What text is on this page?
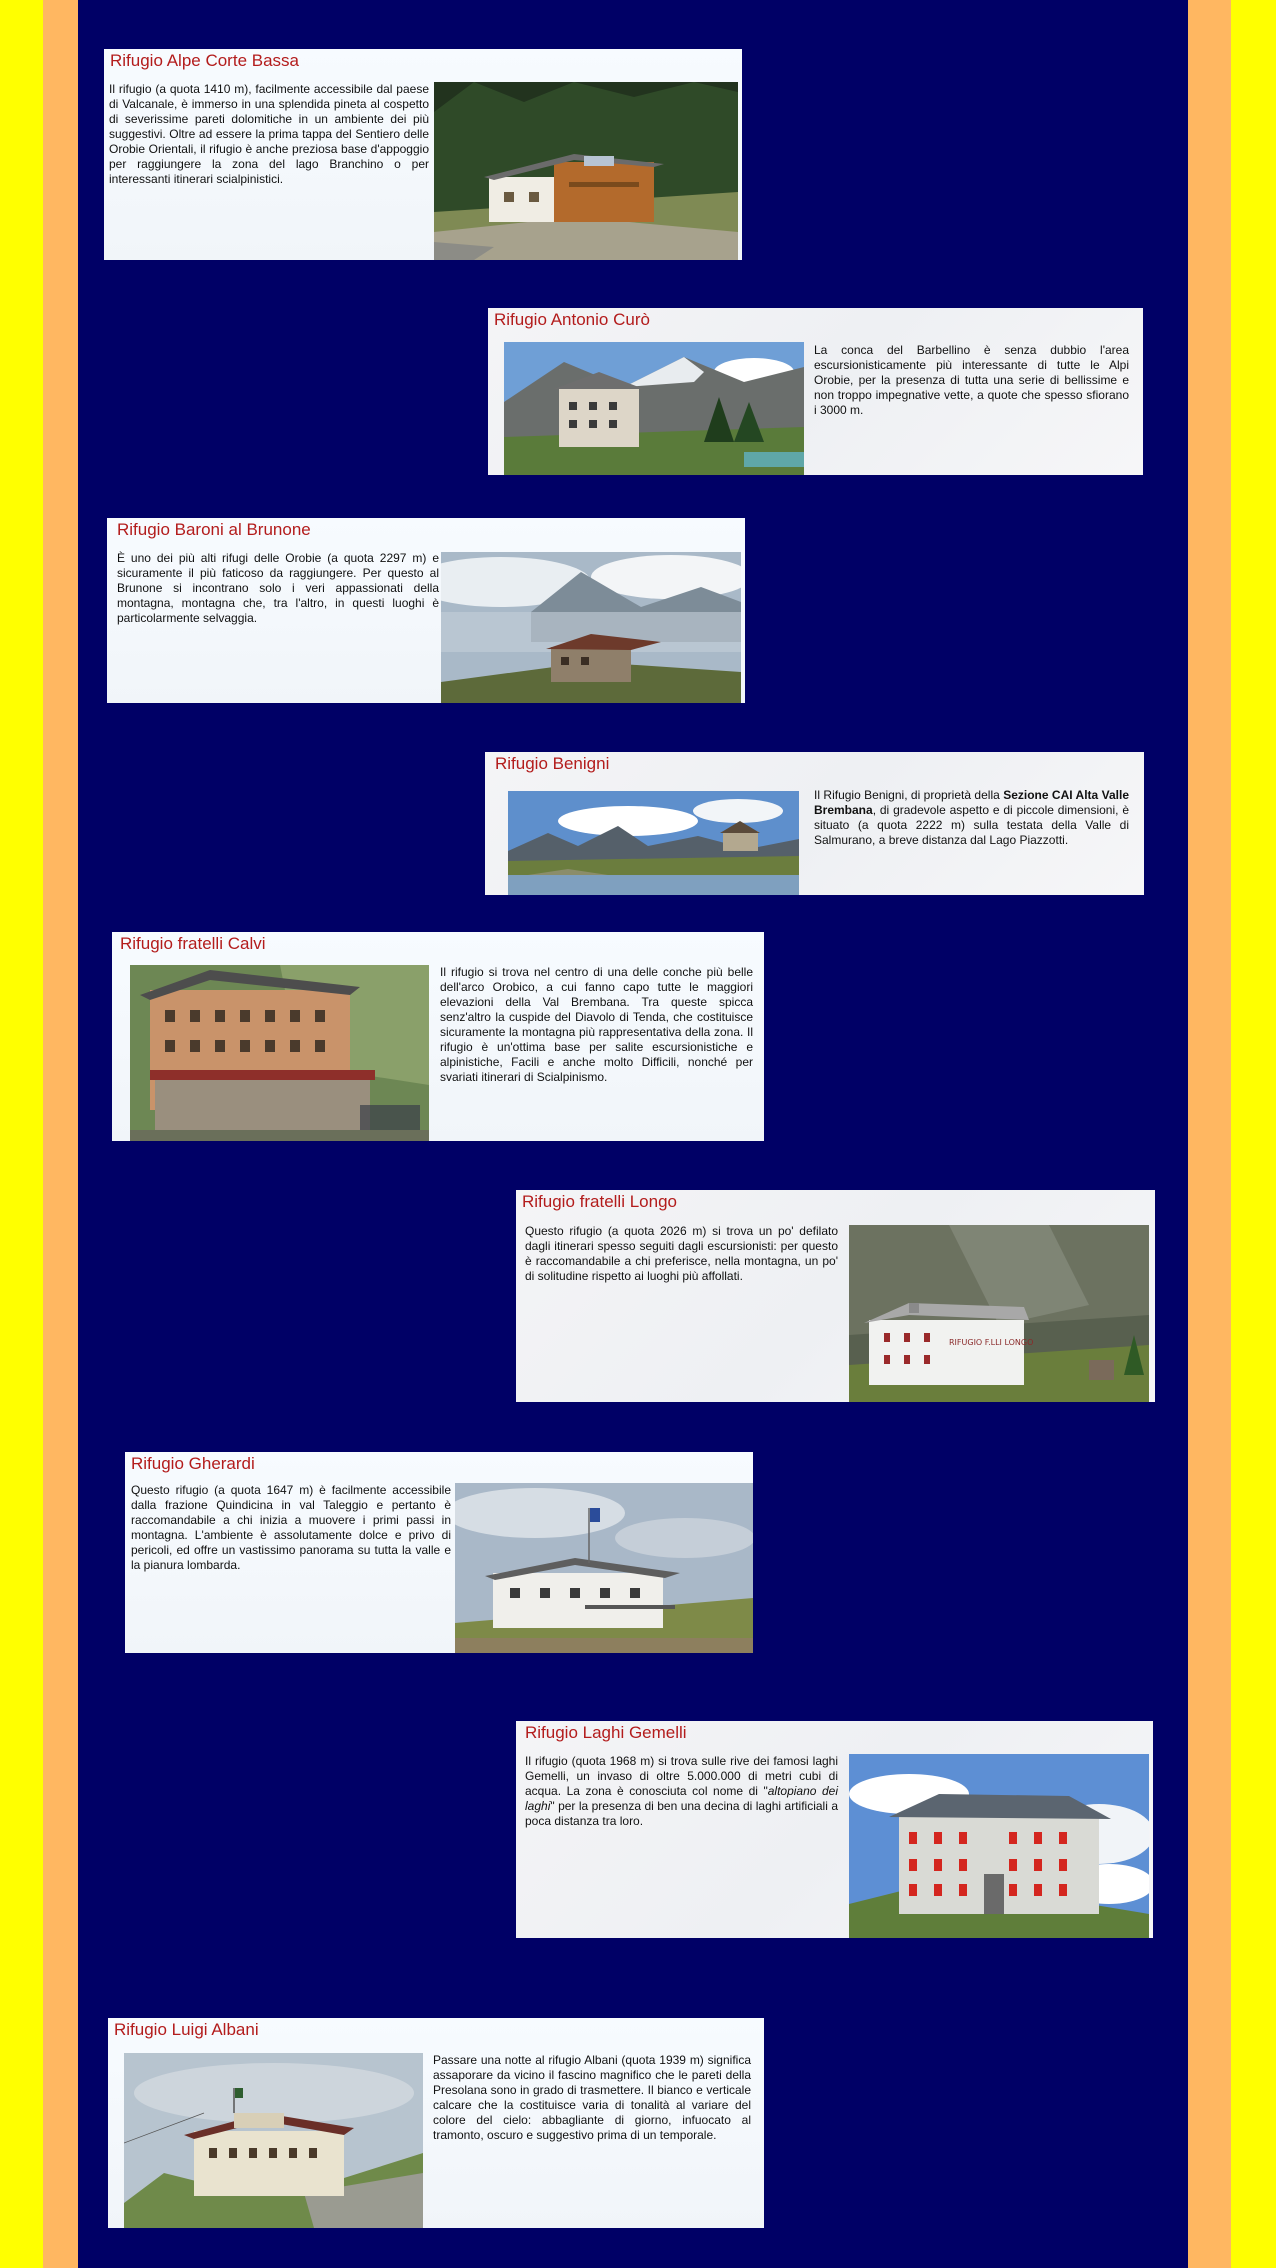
Rifugio Alpe Corte Bassa

Il rifugio (a quota 1410 m), facilmente accessibile dal paese di Valcanale, è immerso in una splendida pineta al cospetto di severissime pareti dolomitiche in un ambiente dei più suggestivi. Oltre ad essere la prima tappa del Sentiero delle Orobie Orientali, il rifugio è anche preziosa base d'appoggio per raggiungere la zona del lago Branchino o per interessanti itinerari scialpinistici.

Rifugio Antonio Curò

La conca del Barbellino è senza dubbio l'area escursionisticamente più interessante di tutte le Alpi Orobie, per la presenza di tutta una serie di bellissime e non troppo impegnative vette, a quote che spesso sfiorano i 3000 m.

Rifugio Baroni al Brunone

È uno dei più alti rifugi delle Orobie (a quota 2297 m) e sicuramente il più faticoso da raggiungere. Per questo al Brunone si incontrano solo i veri appassionati della montagna, montagna che, tra l'altro, in questi luoghi è particolarmente selvaggia.

Rifugio Benigni

Il Rifugio Benigni, di proprietà della Sezione CAI Alta Valle Brembana, di gradevole aspetto e di piccole dimensioni, è situato (a quota 2222 m) sulla testata della Valle di Salmurano, a breve distanza dal Lago Piazzotti.

Rifugio fratelli Calvi

Il rifugio si trova nel centro di una delle conche più belle dell'arco Orobico, a cui fanno capo tutte le maggiori elevazioni della Val Brembana. Tra queste spicca senz'altro la cuspide del Diavolo di Tenda, che costituisce sicuramente la montagna più rappresentativa della zona. Il rifugio è un'ottima base per salite escursionistiche e alpinistiche, Facili e anche molto Difficili, nonché per svariati itinerari di Scialpinismo.

Rifugio fratelli Longo

Questo rifugio (a quota 2026 m) si trova un po' defilato dagli itinerari spesso seguiti dagli escursionisti: per questo è raccomandabile a chi preferisce, nella montagna, un po' di solitudine rispetto ai luoghi più affollati.

RIFUGIO F.LLI LONGO
Rifugio Gherardi

Questo rifugio (a quota 1647 m) è facilmente accessibile dalla frazione Quindicina in val Taleggio e pertanto è raccomandabile a chi inizia a muovere i primi passi in montagna. L'ambiente è assolutamente dolce e privo di pericoli, ed offre un vastissimo panorama su tutta la valle e la pianura lombarda.

Rifugio Laghi Gemelli

Il rifugio (quota 1968 m) si trova sulle rive dei famosi laghi Gemelli, un invaso di oltre 5.000.000 di metri cubi di acqua. La zona è conosciuta col nome di "altopiano dei laghi" per la presenza di ben una decina di laghi artificiali a poca distanza tra loro.

Rifugio Luigi Albani

Passare una notte al rifugio Albani (quota 1939 m) significa assaporare da vicino il fascino magnifico che le pareti della Presolana sono in grado di trasmettere. Il bianco e verticale calcare che la costituisce varia di tonalità al variare del colore del cielo: abbagliante di giorno, infuocato al tramonto, oscuro e suggestivo prima di un temporale.
